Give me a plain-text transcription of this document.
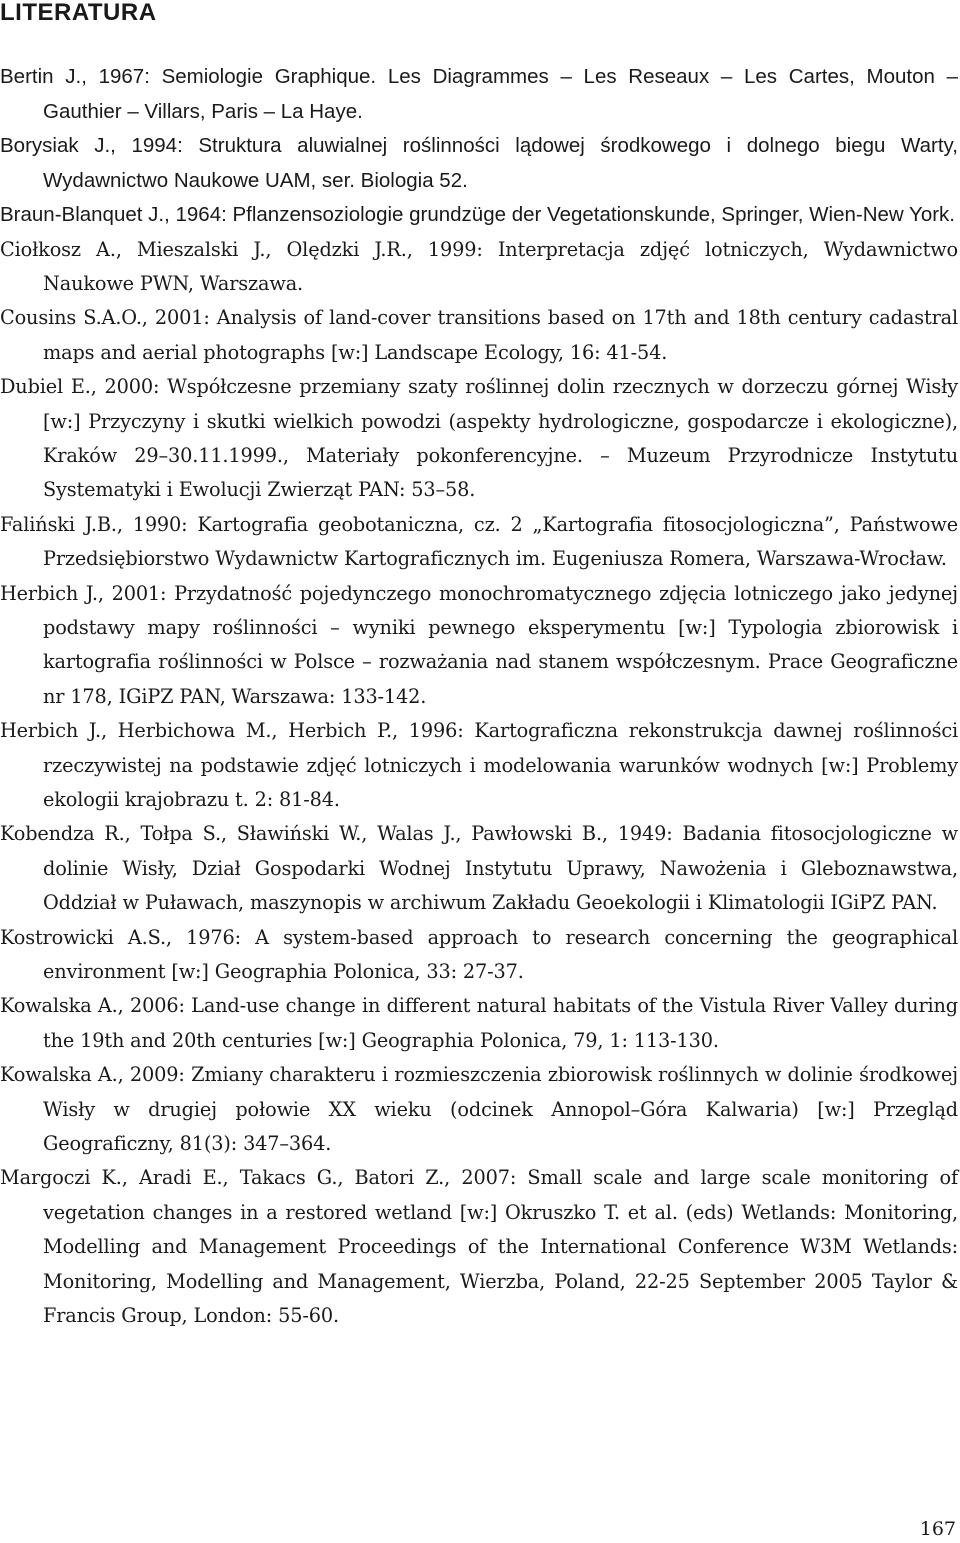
LITERATURA
Bertin J., 1967: Semiologie Graphique. Les Diagrammes – Les Reseaux – Les Cartes, Mouton – Gauthier – Villars, Paris – La Haye.
Borysiak J., 1994: Struktura aluwialnej roślinności lądowej środkowego i dolnego biegu Warty, Wydawnictwo Naukowe UAM, ser. Biologia 52.
Braun-Blanquet J., 1964: Pflanzensoziologie grundzüge der Vegetationskunde, Springer, Wien-New York.
Ciołkosz A., Mieszalski J., Olędzki J.R., 1999: Interpretacja zdjęć lotniczych, Wydawnictwo Naukowe PWN, Warszawa.
Cousins S.A.O., 2001: Analysis of land-cover transitions based on 17th and 18th century cadastral maps and aerial photographs [w:] Landscape Ecology, 16: 41-54.
Dubiel E., 2000: Współczesne przemiany szaty roślinnej dolin rzecznych w dorzeczu górnej Wisły [w:] Przyczyny i skutki wielkich powodzi (aspekty hydrologiczne, gospodarcze i ekologiczne), Kraków 29–30.11.1999., Materiały pokonferencyjne. – Muzeum Przyrodnicze Instytutu Systematyki i Ewolucji Zwierząt PAN: 53–58.
Faliński J.B., 1990: Kartografia geobotaniczna, cz. 2 „Kartografia fitosocjologiczna”, Państwowe Przedsiębiorstwo Wydawnictw Kartograficznych im. Eugeniusza Romera, Warszawa-Wrocław.
Herbich J., 2001: Przydatność pojedynczego monochromatycznego zdjęcia lotniczego jako jedynej podstawy mapy roślinności – wyniki pewnego eksperymentu [w:] Typologia zbiorowisk i kartografia roślinności w Polsce – rozważania nad stanem współczesnym. Prace Geograficzne nr 178, IGiPZ PAN, Warszawa: 133-142.
Herbich J., Herbichowa M., Herbich P., 1996: Kartograficzna rekonstrukcja dawnej roślinności rzeczywistej na podstawie zdjęć lotniczych i modelowania warunków wodnych [w:] Problemy ekologii krajobrazu t. 2: 81-84.
Kobendza R., Tołpa S., Sławiński W., Walas J., Pawłowski B., 1949: Badania fitosocjologiczne w dolinie Wisły, Dział Gospodarki Wodnej Instytutu Uprawy, Nawożenia i Gleboznawstwa, Oddział w Puławach, maszynopis w archiwum Zakładu Geoekologii i Klimatologii IGiPZ PAN.
Kostrowicki A.S., 1976: A system-based approach to research concerning the geographical environment [w:] Geographia Polonica, 33: 27-37.
Kowalska A., 2006: Land-use change in different natural habitats of the Vistula River Valley during the 19th and 20th centuries [w:] Geographia Polonica, 79, 1: 113-130.
Kowalska A., 2009: Zmiany charakteru i rozmieszczenia zbiorowisk roślinnych w dolinie środkowej Wisły w drugiej połowie XX wieku (odcinek Annopol–Góra Kalwaria) [w:] Przegląd Geograficzny, 81(3): 347–364.
Margoczi K., Aradi E., Takacs G., Batori Z., 2007: Small scale and large scale monitoring of vegetation changes in a restored wetland [w:] Okruszko T. et al. (eds) Wetlands: Monitoring, Modelling and Management Proceedings of the International Conference W3M Wetlands: Monitoring, Modelling and Management, Wierzba, Poland, 22-25 September 2005 Taylor & Francis Group, London: 55-60.
167
